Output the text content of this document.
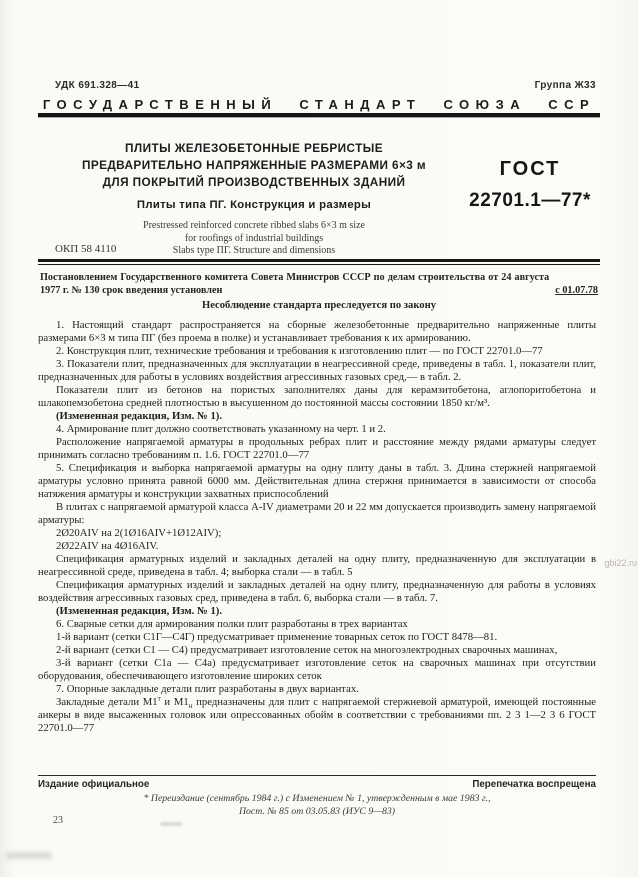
УДК 691.328—41	Группа Ж33
ГОСУДАРСТВЕННЫЙ СТАНДАРТ СОЮЗА ССР
ПЛИТЫ ЖЕЛЕЗОБЕТОННЫЕ РЕБРИСТЫЕ
ПРЕДВАРИТЕЛЬНО НАПРЯЖЕННЫЕ РАЗМЕРАМИ 6×3 м
ДЛЯ ПОКРЫТИЙ ПРОИЗВОДСТВЕННЫХ ЗДАНИЙ
Плиты типа ПГ. Конструкция и размеры
Prestressed reinforced concrete ribbed slabs 6×3 m size
for roofings of industrial buildings
Slabs type ПГ. Structure and dimensions
ГОСТ
22701.1—77*
ОКП 58 4110
Постановлением Государственного комитета Совета Министров СССР по делам строительства от 24 августа 1977 г. № 130 срок введения установлен	с 01.07.78
Несоблюдение стандарта преследуется по закону

1. Настоящий стандарт распространяется на сборные железобетонные предварительно напряженные плиты размерами 6×3 м типа ПГ (без проема в полке) и устанавливает требования к их армированию.

2. Конструкция плит, технические требования и требования к изготовлению плит — по ГОСТ 22701.0—77

3. Показатели плит, предназначенных для эксплуатации в неагрессивной среде, приведены в табл. 1, показатели плит, предназначенных для работы в условиях воздействия агрессивных газовых сред,— в табл. 2.

Показатели плит из бетонов на пористых заполнителях даны для керамзитобетона, аглопоритобетона и шлакопемзобетона средней плотностью в высушенном до постоянной массы состоянии 1850 кг/м³.

(Измененная редакция, Изм. № 1).

4. Армирование плит должно соответствовать указанному на черт. 1 и 2.

Расположение напрягаемой арматуры в продольных ребрах плит и расстояние между рядами арматуры следует принимать согласно требованиям п. 1.6. ГОСТ 22701.0—77

5. Спецификация и выборка напрягаемой арматуры на одну плиту даны в табл. 3. Длина стержней напрягаемой арматуры условно принята равной 6000 мм. Действительная длина стержня принимается в зависимости от способа натяжения арматуры и конструкции захватных приспособлений

В плитах с напрягаемой арматурой класса А-IV диаметрами 20 и 22 мм допускается производить замену напрягаемой арматуры:

2Ø20АIV на 2(1Ø16АIV+1Ø12АIV);

2Ø22АIV на 4Ø16АIV.

Спецификация арматурных изделий и закладных деталей на одну плиту, предназначенную для эксплуатации в неагрессивной среде, приведена в табл. 4; выборка стали — в табл. 5

Спецификация арматурных изделий и закладных деталей на одну плиту, предназначенную для работы в условиях воздействия агрессивных газовых сред, приведена в табл. 6, выборка стали — в табл. 7.

(Измененная редакция, Изм. № 1).

6. Сварные сетки для армирования полки плит разработаны в трех вариантах

1-й вариант (сетки С1Г—С4Г) предусматривает применение товарных сеток по ГОСТ 8478—81.

2-й вариант (сетки С1 — С4) предусматривает изготовление сеток на многоэлектродных сварочных машинах,

3-й вариант (сетки С1а — С4а) предусматривает изготовление сеток на сварочных машинах при отсутствии оборудования, обеспечивающего изготовление широких сеток

7. Опорные закладные детали плит разработаны в двух вариантах.

Закладные детали $М1^т$ и $М1_н$ предназначены для плит с напрягаемой стержневой арматурой, имеющей постоянные анкеры в виде высаженных головок или опрессованных обойм в соответствии с требованиями пп. 2 3 1—2 3 6 ГОСТ 22701.0—77

Издание официальное	Перепечатка воспрещена
* Переиздание (сентябрь 1984 г.) с Изменением № 1, утвержденным в мае 1983 г.,
Пост. № 85 от 03.05.83 (ИУС 9—83)
23
gbi22.ru
